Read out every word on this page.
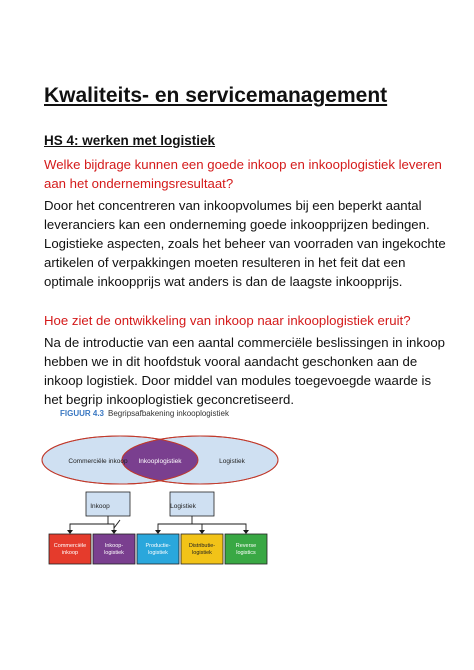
Kwaliteits- en servicemanagement
HS 4: werken met logistiek
Welke bijdrage kunnen een goede inkoop en inkooplogistiek leveren
aan het ondernemingsresultaat?
Door het concentreren van inkoopvolumes bij een beperkt aantal
leveranciers kan een onderneming goede inkoopprijzen bedingen.
Logistieke aspecten, zoals het beheer van voorraden van ingekochte
artikelen of verpakkingen moeten resulteren in het feit dat een
optimale inkoopprijs wat anders is dan de laagste inkoopprijs.
Hoe ziet de ontwikkeling van inkoop naar inkooplogistiek eruit?
Na de introductie van een aantal commerciële beslissingen in inkoop
hebben we in dit hoofdstuk vooral aandacht geschonken aan de
inkoop logistiek. Door middel van modules toegevoegde waarde is
het begrip inkooplogistiek geconcretiseerd.
FIGUUR 4.3 Begripsafbakening inkooplogistiek
Commerciële inkoop Inkooplogistiek	Logistiek
Inkoop	Logistiek
Commerciële
inkoop
Inkoop-
logistiek
Productie-
logistiek
Distributie-
logistiek
Reverse
logistics
